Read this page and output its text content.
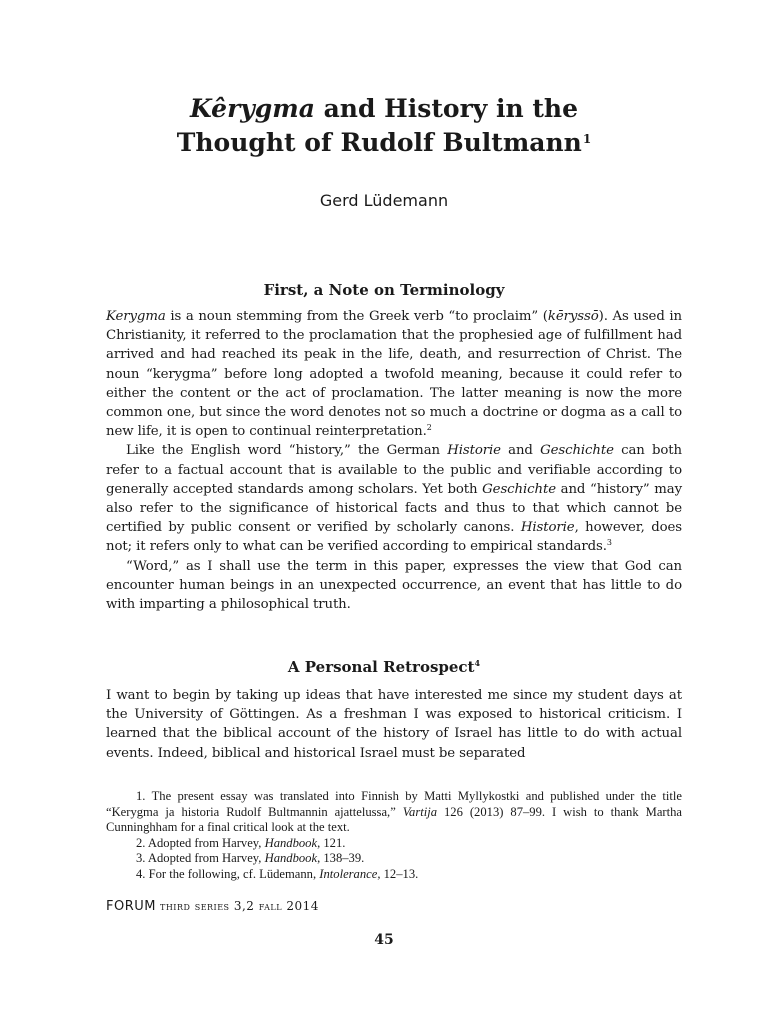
Kêrygma and History in the
Thought of Rudolf Bultmann$^1$
Gerd Lüdemann
First, a Note on Terminology

Kerygma is a noun stemming from the Greek verb “to proclaim” (kēryssō). As used in Christianity, it referred to the proclamation that the prophesied age of fulfillment had arrived and had reached its peak in the life, death, and resurrection of Christ. The noun “kerygma” before long adopted a twofold meaning, because it could refer to either the content or the act of proclamation. The latter meaning is now the more common one, but since the word denotes not so much a doctrine or dogma as a call to new life, it is open to continual reinterpretation.$^2$

Like the English word “history,” the German Historie and Geschichte can both refer to a factual account that is available to the public and verifiable according to generally accepted standards among scholars. Yet both Geschichte and “history” may also refer to the significance of historical facts and thus to that which cannot be certified by public consent or verified by scholarly canons. Historie, however, does not; it refers only to what can be verified according to empirical standards.$^3$

“Word,” as I shall use the term in this paper, expresses the view that God can encounter human beings in an unexpected occurrence, an event that has little to do with imparting a philosophical truth.

A Personal Retrospect$^4$

I want to begin by taking up ideas that have interested me since my student days at the University of Göttingen. As a freshman I was exposed to historical criticism. I learned that the biblical account of the history of Israel has little to do with actual events. Indeed, biblical and historical Israel must be separated

1. The present essay was translated into Finnish by Matti Myllykostki and published under the title “Kerygma ja historia Rudolf Bultmannin ajattelussa,” Vartija 126 (2013) 87–99. I wish to thank Martha Cunninghham for a final critical look at the text.

2. Adopted from Harvey, Handbook, 121.

3. Adopted from Harvey, Handbook, 138–39.

4. For the following, cf. Lüdemann, Intolerance, 12–13.

FORUM third series 3,2 fall 2014
45
